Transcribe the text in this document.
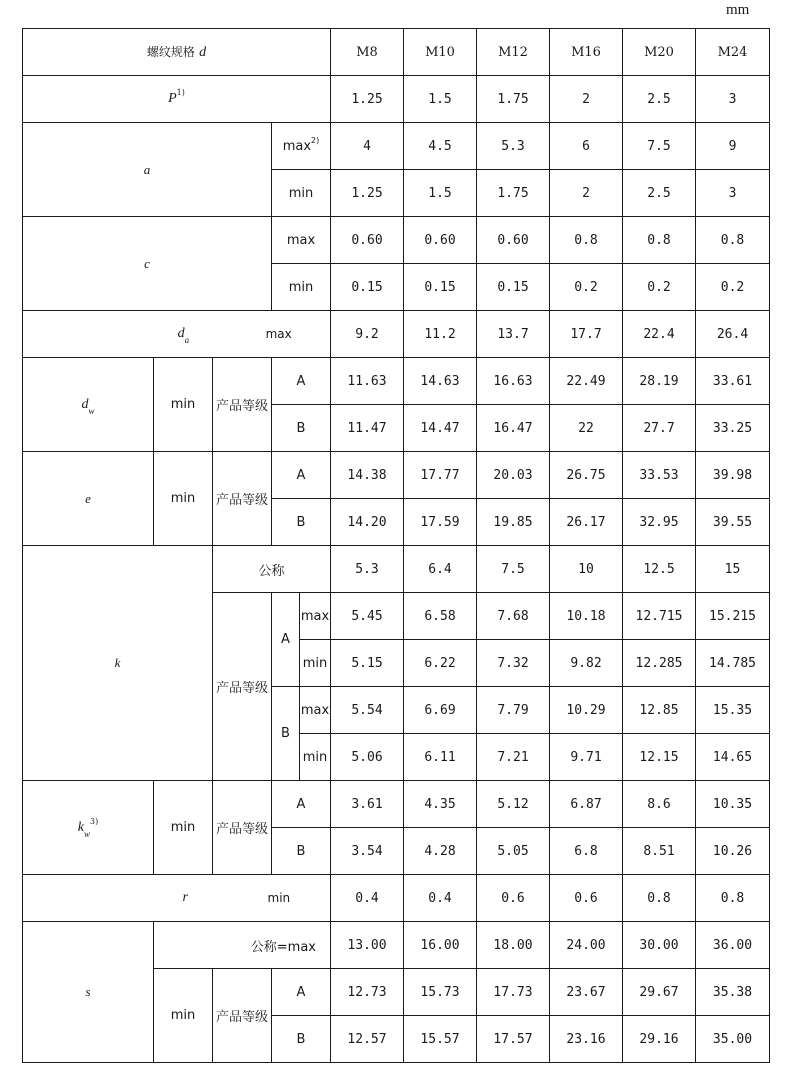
mm
螺纹规格 d					M8	M10	M12	M16	M20	M24
$P^{1)}$					1.25	1.5	1.75	2	2.5	3
a			$\max^{2)}$		4	4.5	5.3	6	7.5	9
			min		1.25	1.5	1.75	2	2.5	3
c			max		0.60	0.60	0.60	0.8	0.8	0.8
			min		0.15	0.15	0.15	0.2	0.2	0.2

da max					9.2	11.2	13.7	17.7	22.4	26.4
$d_w$	min	产品等级	A		11.63	14.63	16.63	22.49	28.19	33.61
			B		11.47	14.47	16.47	22	27.7	33.25
e	min	产品等级	A		14.38	17.77	20.03	26.75	33.53	39.98
			B		14.20	17.59	19.85	26.17	32.95	39.55
k		公称			5.3	6.4	7.5	10	12.5	15
		产品等级	A	max	5.45	6.58	7.68	10.18	12.715	15.215
				min	5.15	6.22	7.32	9.82	12.285	14.785
			B	max	5.54	6.69	7.79	10.29	12.85	15.35
				min	5.06	6.11	7.21	9.71	12.15	14.65
$k_w^{3)}$	min	产品等级	A		3.61	4.35	5.12	6.87	8.6	10.35
			B		3.54	4.28	5.05	6.8	8.51	10.26

r min					0.4	0.4	0.6	0.6	0.8	0.8
s	公称=max				13.00	16.00	18.00	24.00	30.00	36.00
	min	产品等级	A		12.73	15.73	17.73	23.67	29.67	35.38
			B		12.57	15.57	17.57	23.16	29.16	35.00
